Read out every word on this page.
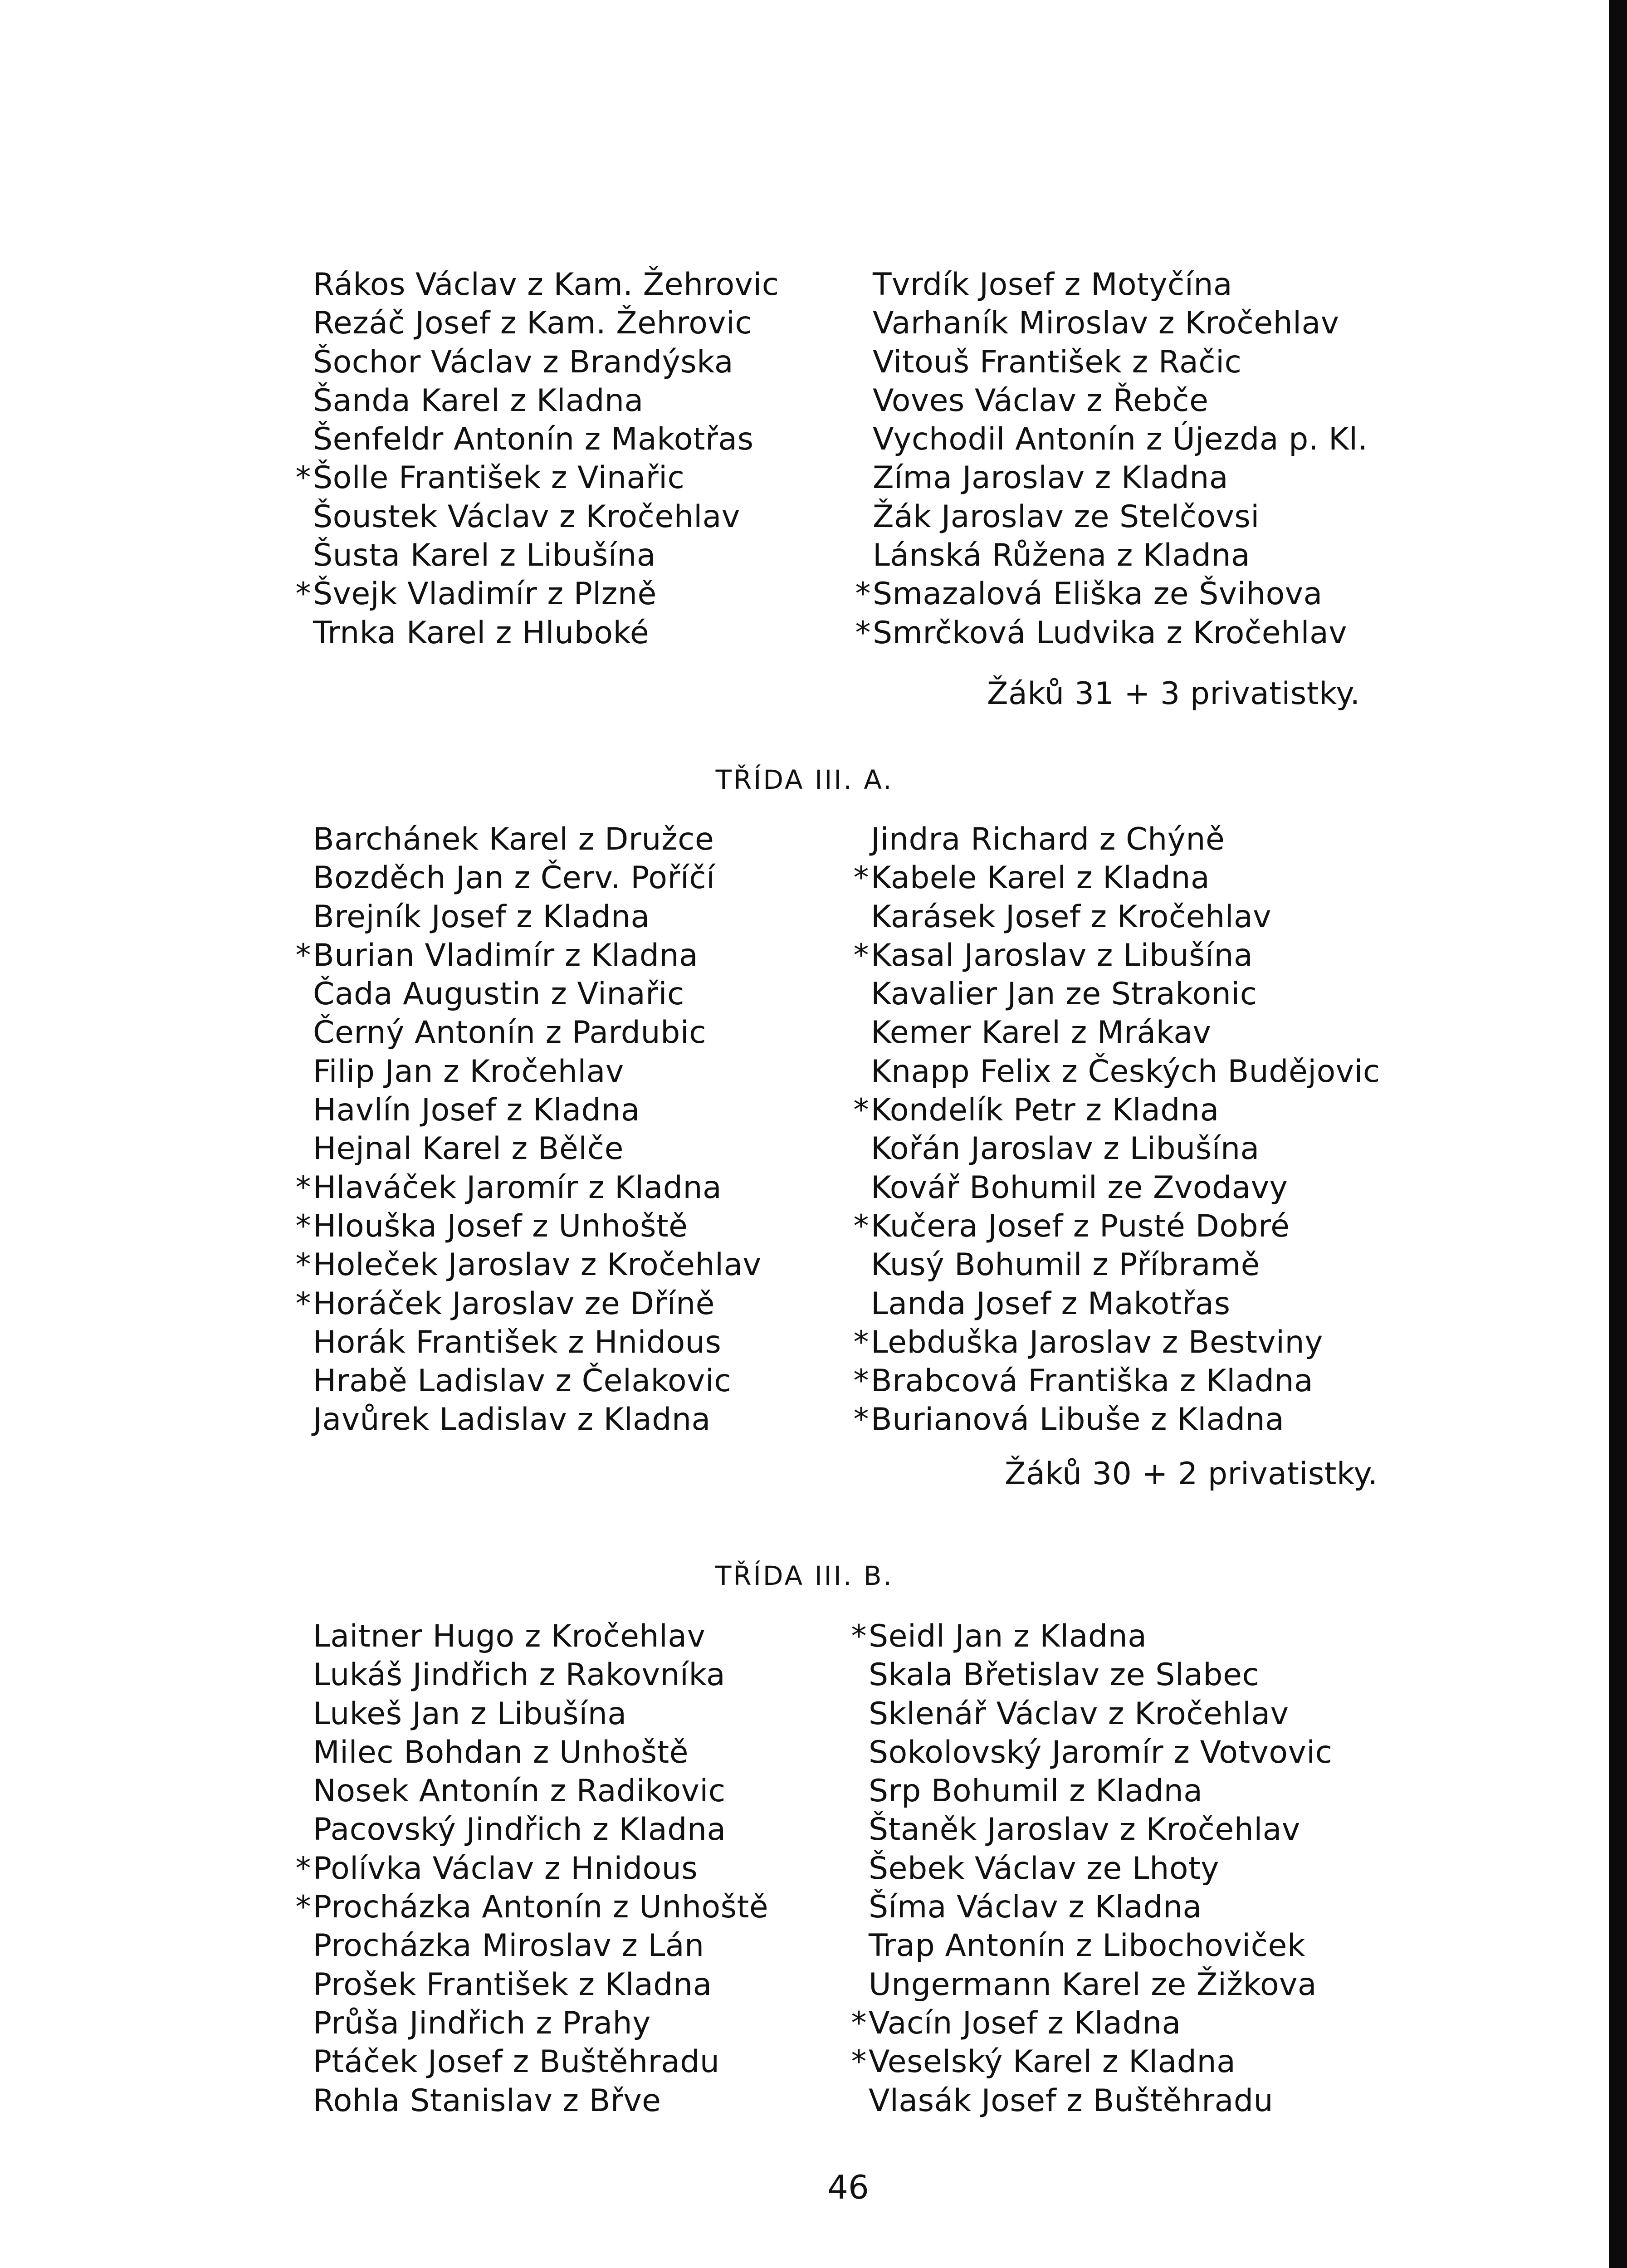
Rákos Václav z Kam. Žehrovic
Rezáč Josef z Kam. Žehrovic
Šochor Václav z Brandýska
Šanda Karel z Kladna
Šenfeldr Antonín z Makotřas
* Šolle František z Vinařic
Šoustek Václav z Kročehlav
Šusta Karel z Libušína
* Švejk Vladimír z Plzně
Trnka Karel z Hluboké
Tvrdík Josef z Motyčína
Varhaník Miroslav z Kročehlav
Vitouš František z Račic
Voves Václav z Řebče
Vychodil Antonín z Újezda p. Kl.
Zíma Jaroslav z Kladna
Žák Jaroslav ze Stelčovsi
Lánská Růžena z Kladna
* Smazalová Eliška ze Švihova
* Smrčková Ludvika z Kročehlav
Žáků 31 + 3 privatistky.
TŘÍDA III. A.
Barchánek Karel z Družce
Bozděch Jan z Červ. Poříčí
Brejník Josef z Kladna
* Burian Vladimír z Kladna
Čada Augustin z Vinařic
Černý Antonín z Pardubic
Filip Jan z Kročehlav
Havlín Josef z Kladna
Hejnal Karel z Bělče
* Hlaváček Jaromír z Kladna
* Hlouška Josef z Unhoště
* Holeček Jaroslav z Kročehlav
* Horáček Jaroslav ze Dříně
Horák František z Hnidous
Hrabě Ladislav z Čelakovic
Javůrek Ladislav z Kladna
Jindra Richard z Chýně
* Kabele Karel z Kladna
Karásek Josef z Kročehlav
* Kasal Jaroslav z Libušína
Kavalier Jan ze Strakonic
Kemer Karel z Mrákav
Knapp Felix z Českých Budějovic
* Kondelík Petr z Kladna
Kořán Jaroslav z Libušína
Kovář Bohumil ze Zvodavy
* Kučera Josef z Pusté Dobré
Kusý Bohumil z Příbramě
Landa Josef z Makotřas
* Lebduška Jaroslav z Bestviny
* Brabcová Františka z Kladna
* Burianová Libuše z Kladna
Žáků 30 + 2 privatistky.
TŘÍDA III. B.
Laitner Hugo z Kročehlav
Lukáš Jindřich z Rakovníka
Lukeš Jan z Libušína
Milec Bohdan z Unhoště
Nosek Antonín z Radikovic
Pacovský Jindřich z Kladna
* Polívka Václav z Hnidous
* Procházka Antonín z Unhoště
Procházka Miroslav z Lán
Prošek František z Kladna
Průša Jindřich z Prahy
Ptáček Josef z Buštěhradu
Rohla Stanislav z Břve
* Seidl Jan z Kladna
Skala Břetislav ze Slabec
Sklenář Václav z Kročehlav
Sokolovský Jaromír z Votvovic
Srp Bohumil z Kladna
Štaněk Jaroslav z Kročehlav
Šebek Václav ze Lhoty
Šíma Václav z Kladna
Trap Antonín z Libochoviček
Ungermann Karel ze Žižkova
* Vacín Josef z Kladna
* Veselský Karel z Kladna
Vlasák Josef z Buštěhradu
46
